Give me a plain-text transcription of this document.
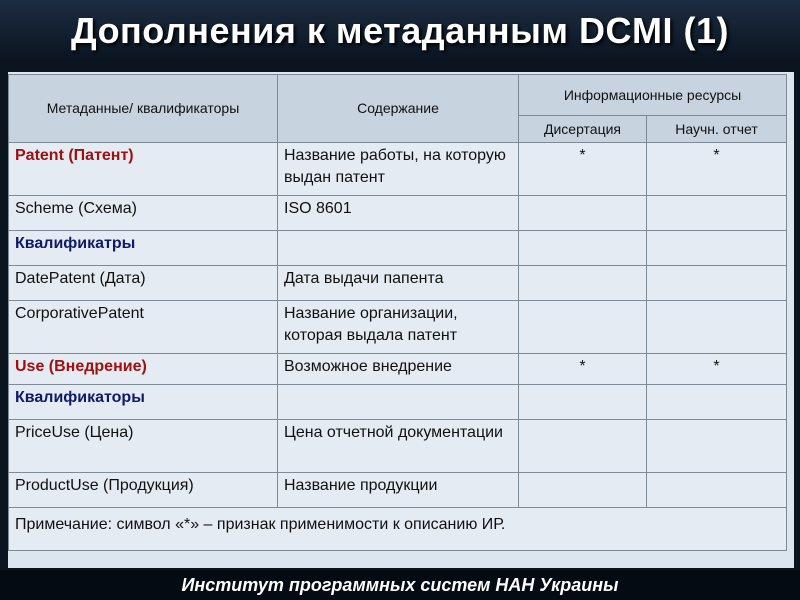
Дополнения к метаданным DCMI (1)
Метаданные/ квалификаторы	Содержание	Информационные ресурсы	
		Дисертация	Научн. отчет
Patent (Патент)	Название работы, на которую выдан патент	*	*
Scheme (Схема)	ISO 8601		
Квалификатры			
DatePatent (Дата)	Дата выдачи папента		
CorporativePatent	Название организации, которая выдала патент		
Use (Внедрение)	Возможное внедрение	*	*
Квалификаторы			
PriceUse (Цена)	Цена отчетной документации		
ProductUse (Продукция)	Название продукции		
Примечание: символ «*» – признак применимости к описанию ИР.			
Институт программных систем НАН Украины
